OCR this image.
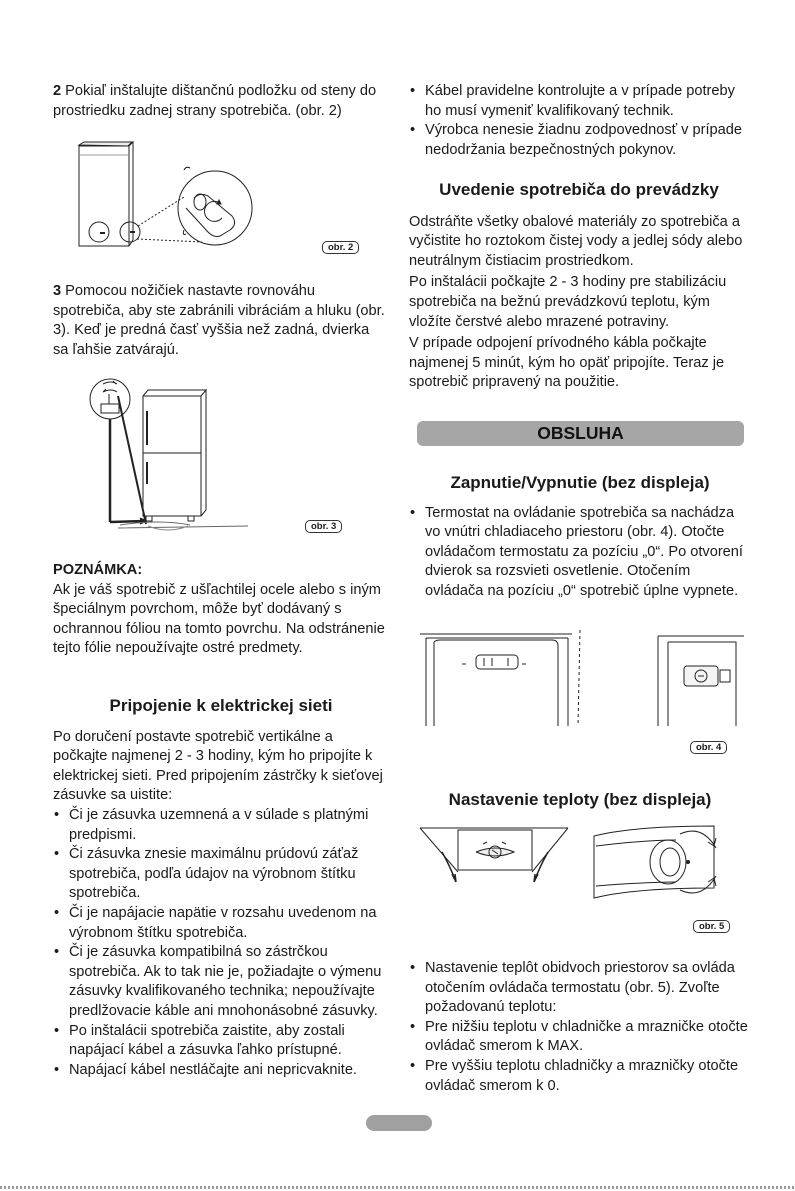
2 Pokiaľ inštalujte dištančnú podložku od steny do prostriedku zadnej strany spotrebiča. (obr. 2)

obr. 2

3 Pomocou nožičiek nastavte rovnováhu spotrebiča, aby ste zabránili vibráciám a hluku (obr. 3). Keď je predná časť vyššia než zadná, dvierka sa ľahšie zatvárajú.

obr. 3

POZNÁMKA:

Ak je váš spotrebič z ušľachtilej ocele alebo s iným špeciálnym povrchom, môže byť dodávaný s ochrannou fóliou na tomto povrchu. Na odstránenie tejto fólie nepoužívajte ostré predmety.

Pripojenie k elektrickej sieti

Po doručení postavte spotrebič vertikálne a počkajte najmenej 2 - 3 hodiny, kým ho pripojíte k elektrickej sieti. Pred pripojením zástrčky k sieťovej zásuvke sa uistite:

• Či je zásuvka uzemnená a v súlade s platnými predpismi.
• Či zásuvka znesie maximálnu prúdovú záťaž spotrebiča, podľa údajov na výrobnom štítku spotrebiča.
• Či je napájacie napätie v rozsahu uvedenom na výrobnom štítku spotrebiča.
• Či je zásuvka kompatibilná so zástrčkou spotrebiča. Ak to tak nie je, požiadajte o výmenu zásuvky kvalifikovaného technika; nepoužívajte predlžovacie káble ani mnohonásobné zásuvky.
• Po inštalácii spotrebiča zaistite, aby zostali napájací kábel a zásuvka ľahko prístupné.
• Napájací kábel nestláčajte ani nepricvaknite.
• Kábel pravidelne kontrolujte a v prípade potreby ho musí vymeniť kvalifikovaný technik.
• Výrobca nenesie žiadnu zodpovednosť v prípade nedodržania bezpečnostných pokynov.

Uvedenie spotrebiča do prevádzky

Odstráňte všetky obalové materiály zo spotrebiča a vyčistite ho roztokom čistej vody a jedlej sódy alebo neutrálnym čistiacim prostriedkom.

Po inštalácii počkajte 2 - 3 hodiny pre stabilizáciu spotrebiča na bežnú prevádzkovú teplotu, kým vložíte čerstvé alebo mrazené potraviny.

V prípade odpojení prívodného kábla počkajte najmenej 5 minút, kým ho opäť pripojíte. Teraz je spotrebič pripravený na použitie.

OBSLUHA

Zapnutie/Vypnutie (bez displeja)

• Termostat na ovládanie spotrebiča sa nachádza vo vnútri chladiaceho priestoru (obr. 4). Otočte ovládačom termostatu za pozíciu „0“. Po otvorení dvierok sa rozsvieti osvetlenie. Otočením ovládača na pozíciu „0“ spotrebič úplne vypnete.
obr. 4

Nastavenie teploty (bez displeja)

obr. 5
• Nastavenie teplôt obidvoch priestorov sa ovláda otočením ovládača termostatu (obr. 5). Zvoľte požadovanú teplotu:
• Pre nižšiu teplotu v chladničke a mrazničke otočte ovládač smerom k MAX.
• Pre vyššiu teplotu chladničky a mrazničky otočte ovládač smerom k 0.
